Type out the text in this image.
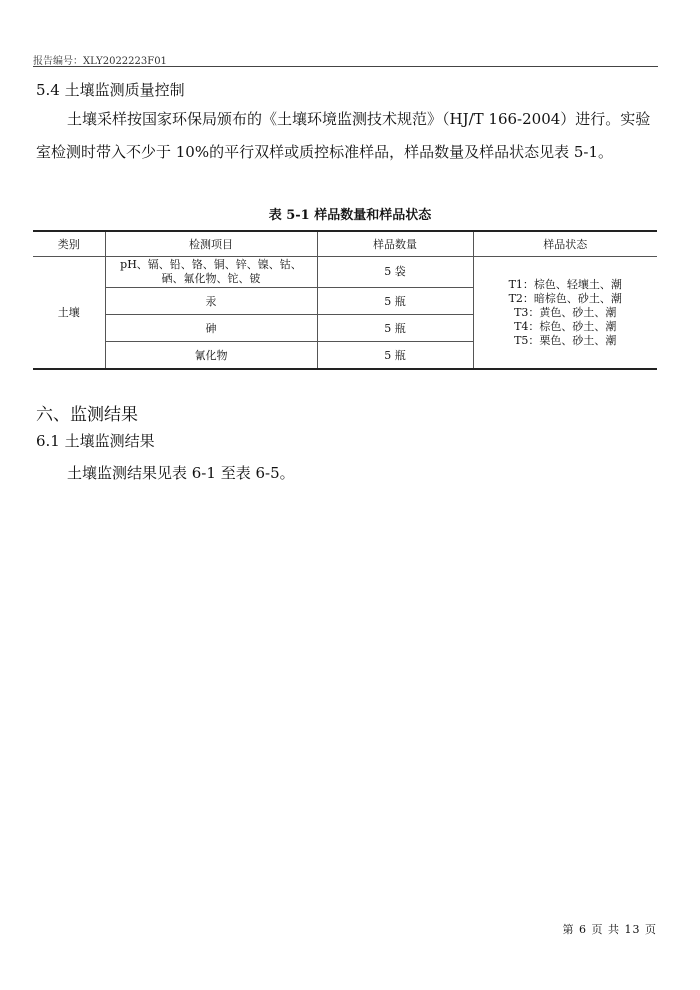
报告编号：XLY2022223F01
5.4 土壤监测质量控制
土壤采样按国家环保局颁布的《土壤环境监测技术规范》（HJ/T 166-2004）进行。实验室检测时带入不少于 10%的平行双样或质控标准样品，样品数量及样品状态见表 5-1。
表 5-1 样品数量和样品状态
类别	检测项目	样品数量	样品状态
土壤	pH、镉、铅、铬、铜、锌、镍、钴、硒、氟化物、铊、铍	5 袋	T1：棕色、轻壤土、潮
T2：暗棕色、砂土、潮
T3：黄色、砂土、潮
T4：棕色、砂土、潮
T5：栗色、砂土、潮

	汞	5 瓶	
	砷	5 瓶	
	氰化物	5 瓶	
六、监测结果
6.1 土壤监测结果
土壤监测结果见表 6-1 至表 6-5。
第 6 页 共 13 页
